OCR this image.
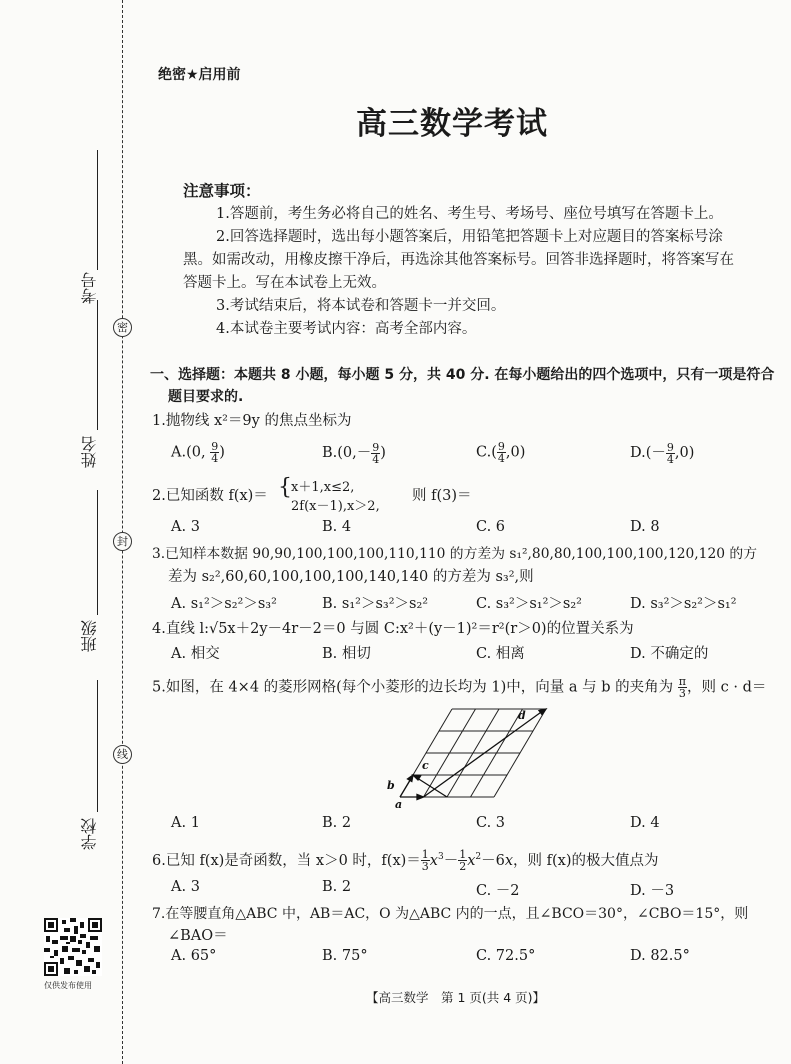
考号
姓名
班级
学校
密
封
线
仅供发布使用
绝密★启用前
高三数学考试
注意事项：
1.答题前，考生务必将自己的姓名、考生号、考场号、座位号填写在答题卡上。
2.回答选择题时，选出每小题答案后，用铅笔把答题卡上对应题目的答案标号涂
黑。如需改动，用橡皮擦干净后，再选涂其他答案标号。回答非选择题时，将答案写在
答题卡上。写在本试卷上无效。
3.考试结束后，将本试卷和答题卡一并交回。
4.本试卷主要考试内容：高考全部内容。
一、选择题：本题共 8 小题，每小题 5 分，共 40 分. 在每小题给出的四个选项中，只有一项是符合
题目要求的.
1.抛物线 x²＝9y 的焦点坐标为
A.(0, $\frac{9}{4}$ )	$B.(0,- \frac{9}{4}$ )	$C.( \frac{9}{4} ,0)$	$D.(- \frac{9}{4} ,0)$
2.已知函数 f(x)＝ { x＋1,x≤2,
2f(x－1),x＞2,
则 f(3)＝
A. 3	B. 4	C. 6	D. 8
3.已知样本数据 90,90,100,100,100,110,110 的方差为 s₁²,80,80,100,100,100,120,120 的方
差为 s₂²,60,60,100,100,100,140,140 的方差为 s₃²,则
A. s₁²＞s₂²＞s₃²	B. s₁²＞s₃²＞s₂²	C. s₃²＞s₁²＞s₂²	D. s₃²＞s₂²＞s₁²
4.直线 l:√5x＋2y－4r－2＝0 与圆 C:x²＋(y－1)²＝r²(r＞0)的位置关系为
A. 相交	B. 相切	C. 相离	D. 不确定的
5.如图，在 4×4 的菱形网格(每个小菱形的边长均为 1)中，向量 a 与 b 的夹角为 $\frac{\pi}{3}$ ，则 c · d＝
a
b
c
d
A. 1	B. 2	C. 3	D. 4
6.已知 f(x)是奇函数，当 x＞0 时，$f(x)= \frac{1}{3} x^3- \frac{1}{2} x^2-6x$，则 f(x)的极大值点为
A. 3	B. 2	C. －2	D. －3
7.在等腰直角△ABC 中，AB＝AC，O 为△ABC 内的一点，且∠BCO＝30°，∠CBO＝15°，则
∠BAO＝
A. 65°	B. 75°	C. 72.5°	D. 82.5°
【高三数学　第 1 页(共 4 页)】
